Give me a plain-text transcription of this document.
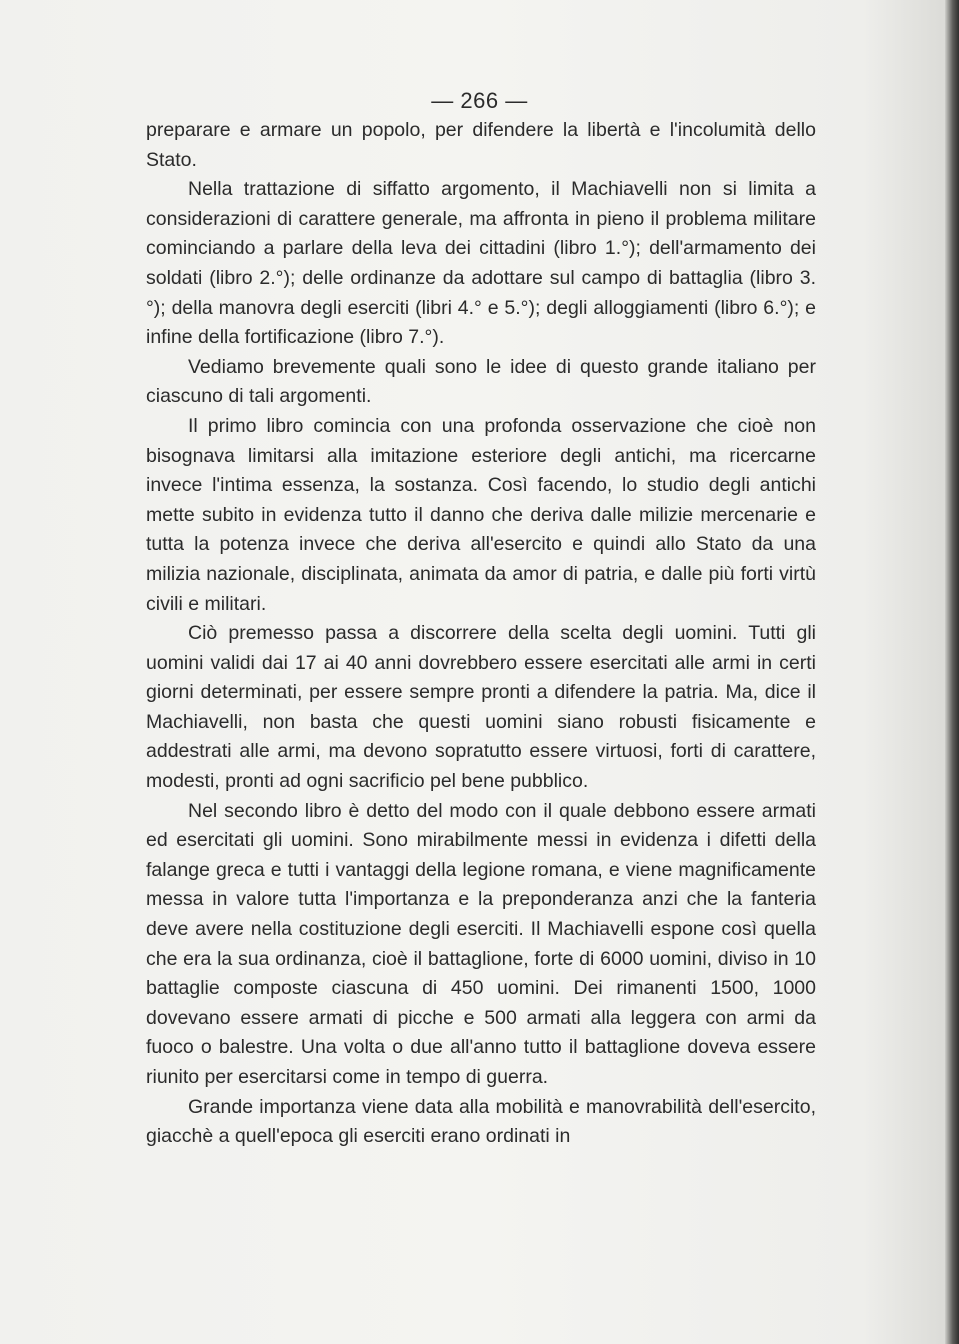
— 266 —

preparare e armare un popolo, per difendere la libertà e l'incolumità dello Stato.

Nella trattazione di siffatto argomento, il Machiavelli non si limita a considerazioni di carattere generale, ma affronta in pieno il problema militare cominciando a parlare della leva dei cittadini (libro 1.°); dell'armamento dei soldati (libro 2.°); delle ordinanze da adottare sul campo di battaglia (libro 3.°); della manovra degli eserciti (libri 4.° e 5.°); degli alloggiamenti (libro 6.°); e infine della fortificazione (libro 7.°).

Vediamo brevemente quali sono le idee di questo grande italiano per ciascuno di tali argomenti.

Il primo libro comincia con una profonda osservazione che cioè non bisognava limitarsi alla imitazione esteriore degli antichi, ma ricercarne invece l'intima essenza, la sostanza. Così facendo, lo studio degli antichi mette subito in evidenza tutto il danno che deriva dalle milizie mercenarie e tutta la potenza invece che deriva all'esercito e quindi allo Stato da una milizia nazionale, disciplinata, animata da amor di patria, e dalle più forti virtù civili e militari.

Ciò premesso passa a discorrere della scelta degli uomini. Tutti gli uomini validi dai 17 ai 40 anni dovrebbero essere esercitati alle armi in certi giorni determinati, per essere sempre pronti a difendere la patria. Ma, dice il Machiavelli, non basta che questi uomini siano robusti fisicamente e addestrati alle armi, ma devono sopratutto essere virtuosi, forti di carattere, modesti, pronti ad ogni sacrificio pel bene pubblico.

Nel secondo libro è detto del modo con il quale debbono essere armati ed esercitati gli uomini. Sono mirabilmente messi in evidenza i difetti della falange greca e tutti i vantaggi della legione romana, e viene magnificamente messa in valore tutta l'importanza e la preponderanza anzi che la fanteria deve avere nella costituzione degli eserciti. Il Machiavelli espone così quella che era la sua ordinanza, cioè il battaglione, forte di 6000 uomini, diviso in 10 battaglie composte ciascuna di 450 uomini. Dei rimanenti 1500, 1000 dovevano essere armati di picche e 500 armati alla leggera con armi da fuoco o balestre. Una volta o due all'anno tutto il battaglione doveva essere riunito per esercitarsi come in tempo di guerra.

Grande importanza viene data alla mobilità e manovrabilità dell'esercito, giacchè a quell'epoca gli eserciti erano ordinati in
